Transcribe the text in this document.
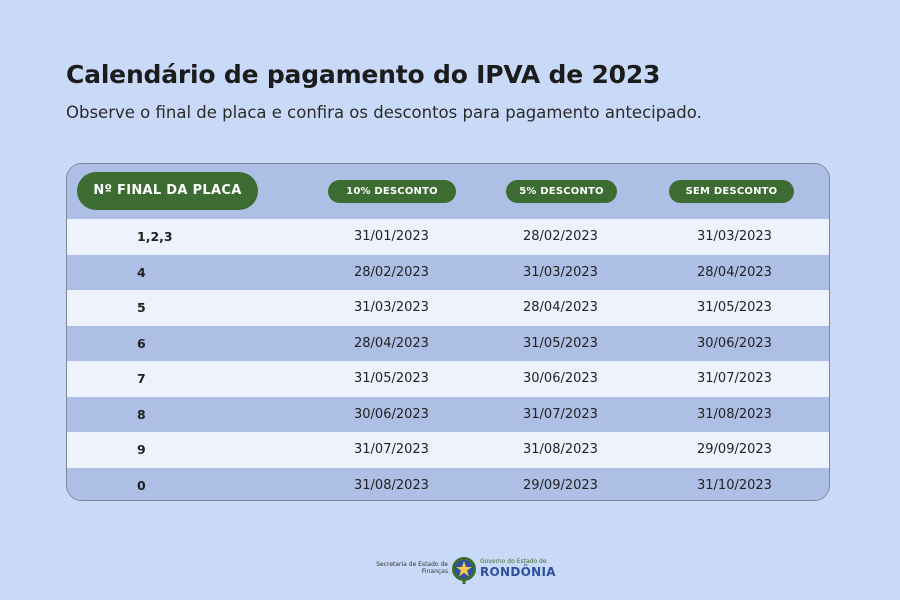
Calendário de pagamento do IPVA de 2023
Observe o final de placa e confira os descontos para pagamento antecipado.
Nº FINAL DA PLACA	10% DESCONTO	5% DESCONTO	SEM DESCONTO
1,2,3	31/01/2023	28/02/2023	31/03/2023
4	28/02/2023	31/03/2023	28/04/2023
5	31/03/2023	28/04/2023	31/05/2023
6	28/04/2023	31/05/2023	30/06/2023
7	31/05/2023	30/06/2023	31/07/2023
8	30/06/2023	31/07/2023	31/08/2023
9	31/07/2023	31/08/2023	29/09/2023
0	31/08/2023	29/09/2023	31/10/2023
Secretaria de Estado de
Finanças
Governo do Estado de
RONDÔNIA
